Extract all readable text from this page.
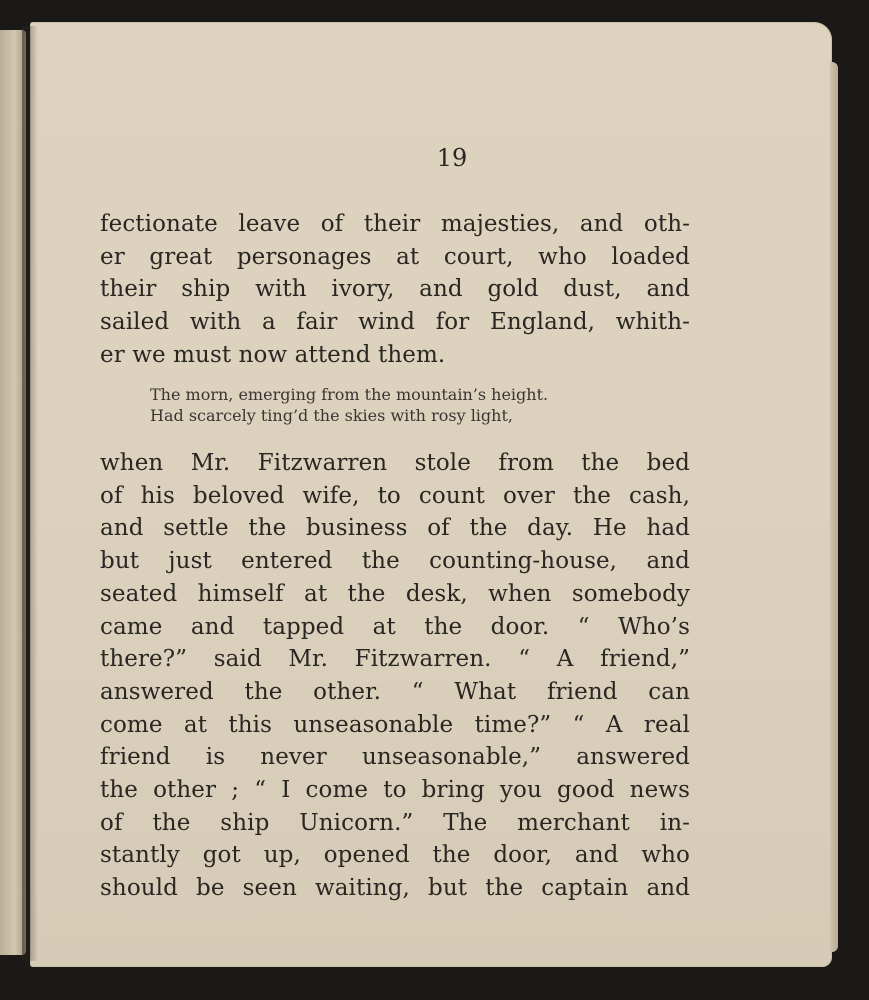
19
fectionate leave of their majesties, and oth-
er great personages at court, who loaded
their ship with ivory, and gold dust, and
sailed with a fair wind for England, whith-
er we must now attend them.
The morn, emerging from the mountain’s height.
Had scarcely ting’d the skies with rosy light,
when Mr. Fitzwarren stole from the bed
of his beloved wife, to count over the cash,
and settle the business of the day. He had
but just entered the counting-house, and
seated himself at the desk, when somebody
came and tapped at the door. “ Who’s
there?” said Mr. Fitzwarren. “ A friend,”
answered the other. “ What friend can
come at this unseasonable time?” “ A real
friend is never unseasonable,” answered
the other ; “ I come to bring you good news
of the ship Unicorn.” The merchant in-
stantly got up, opened the door, and who
should be seen waiting, but the captain and
